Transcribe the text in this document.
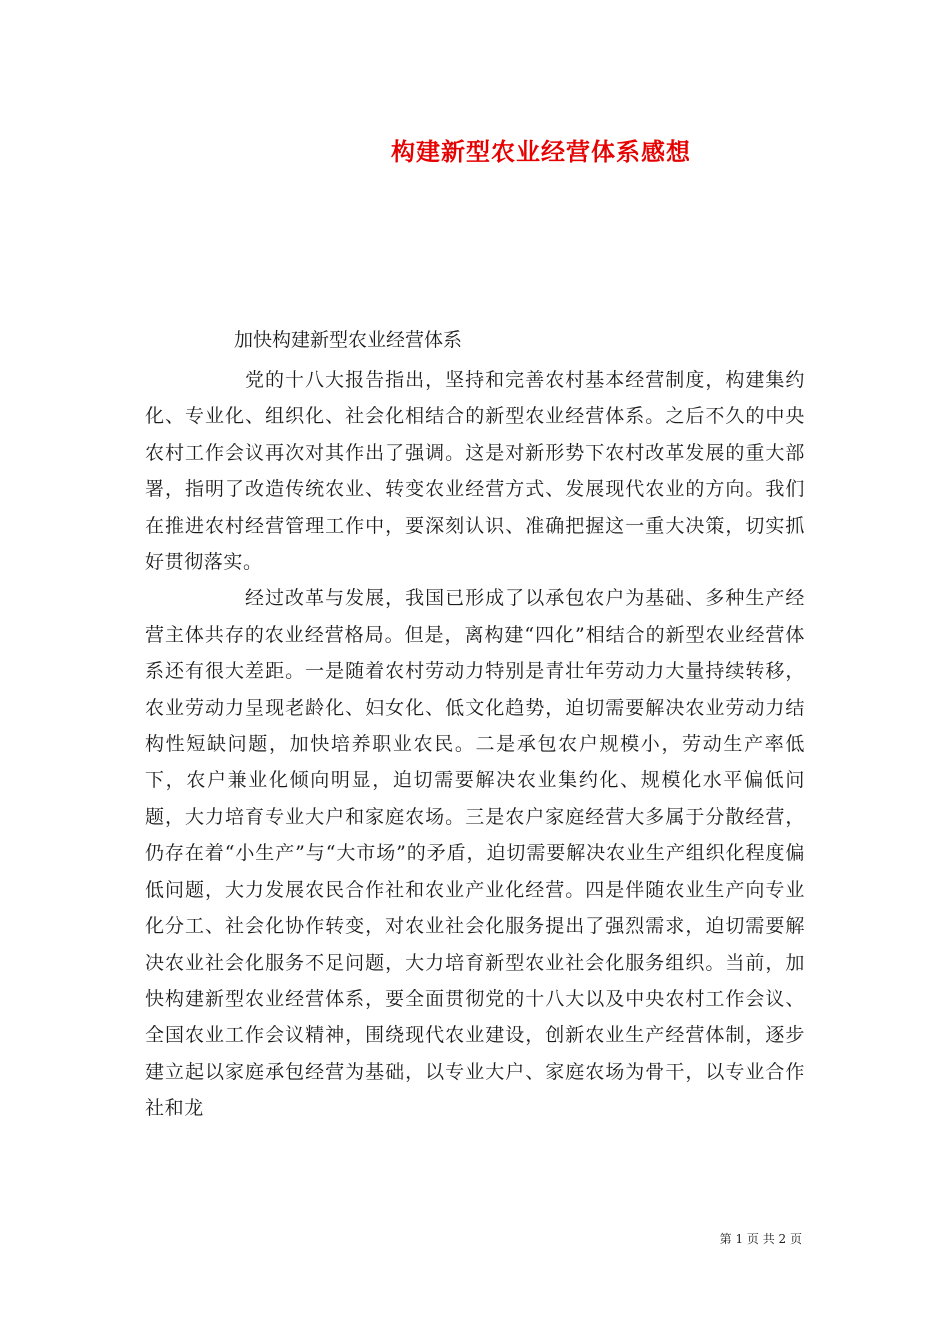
构建新型农业经营体系感想
加快构建新型农业经营体系

党的十八大报告指出，坚持和完善农村基本经营制度，构建集约化、专业化、组织化、社会化相结合的新型农业经营体系。之后不久的中央农村工作会议再次对其作出了强调。这是对新形势下农村改革发展的重大部署，指明了改造传统农业、转变农业经营方式、发展现代农业的方向。我们在推进农村经营管理工作中，要深刻认识、准确把握这一重大决策，切实抓好贯彻落实。

经过改革与发展，我国已形成了以承包农户为基础、多种生产经营主体共存的农业经营格局。但是，离构建“四化”相结合的新型农业经营体系还有很大差距。一是随着农村劳动力特别是青壮年劳动力大量持续转移，农业劳动力呈现老龄化、妇女化、低文化趋势，迫切需要解决农业劳动力结构性短缺问题，加快培养职业农民。二是承包农户规模小，劳动生产率低下，农户兼业化倾向明显，迫切需要解决农业集约化、规模化水平偏低问题，大力培育专业大户和家庭农场。三是农户家庭经营大多属于分散经营，仍存在着“小生产”与“大市场”的矛盾，迫切需要解决农业生产组织化程度偏低问题，大力发展农民合作社和农业产业化经营。四是伴随农业生产向专业化分工、社会化协作转变，对农业社会化服务提出了强烈需求，迫切需要解决农业社会化服务不足问题，大力培育新型农业社会化服务组织。当前，加快构建新型农业经营体系，要全面贯彻党的十八大以及中央农村工作会议、全国农业工作会议精神，围绕现代农业建设，创新农业生产经营体制，逐步建立起以家庭承包经营为基础，以专业大户、家庭农场为骨干，以专业合作社和龙

第 1 页 共 2 页
